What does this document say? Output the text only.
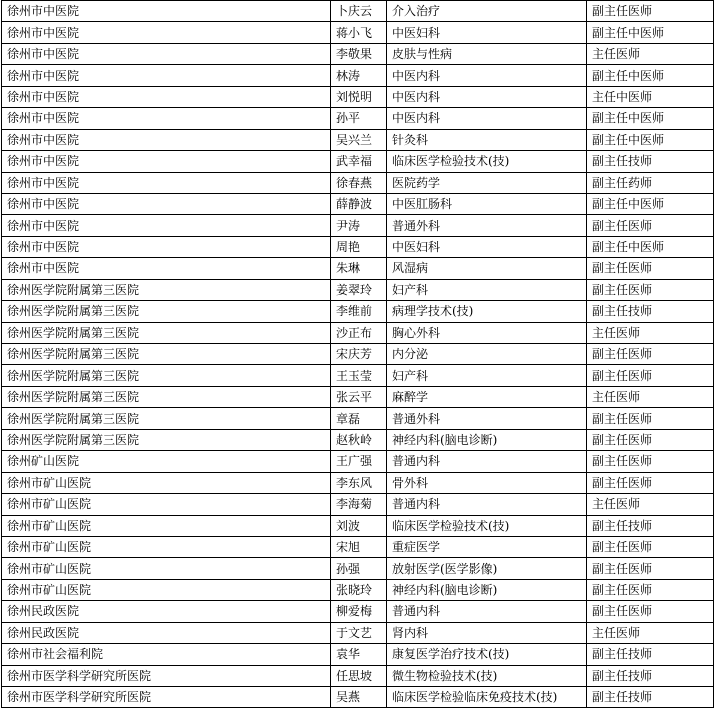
徐州市中医院	卜庆云	介入治疗	副主任医师
徐州市中医院	蒋小飞	中医妇科	副主任中医师
徐州市中医院	李敬果	皮肤与性病	主任医师
徐州市中医院	林涛	中医内科	副主任中医师
徐州市中医院	刘悦明	中医内科	主任中医师
徐州市中医院	孙平	中医内科	副主任中医师
徐州市中医院	吴兴兰	针灸科	副主任中医师
徐州市中医院	武幸福	临床医学检验技术(技)	副主任技师
徐州市中医院	徐春燕	医院药学	副主任药师
徐州市中医院	薛静波	中医肛肠科	副主任中医师
徐州市中医院	尹涛	普通外科	副主任医师
徐州市中医院	周艳	中医妇科	副主任中医师
徐州市中医院	朱琳	风湿病	副主任医师
徐州医学院附属第三医院	姜翠玲	妇产科	副主任医师
徐州医学院附属第三医院	李维前	病理学技术(技)	副主任技师
徐州医学院附属第三医院	沙正布	胸心外科	主任医师
徐州医学院附属第三医院	宋庆芳	内分泌	副主任医师
徐州医学院附属第三医院	王玉莹	妇产科	副主任医师
徐州医学院附属第三医院	张云平	麻醉学	主任医师
徐州医学院附属第三医院	章磊	普通外科	副主任医师
徐州医学院附属第三医院	赵秋岭	神经内科(脑电诊断)	副主任医师
徐州矿山医院	王广强	普通内科	副主任医师
徐州市矿山医院	李东风	骨外科	副主任医师
徐州市矿山医院	李海菊	普通内科	主任医师
徐州市矿山医院	刘波	临床医学检验技术(技)	副主任技师
徐州市矿山医院	宋旭	重症医学	副主任医师
徐州市矿山医院	孙强	放射医学(医学影像)	副主任医师
徐州市矿山医院	张晓玲	神经内科(脑电诊断)	副主任医师
徐州民政医院	柳爱梅	普通内科	副主任医师
徐州民政医院	于文艺	肾内科	主任医师
徐州市社会福利院	袁华	康复医学治疗技术(技)	副主任技师
徐州市医学科学研究所医院	任思坡	微生物检验技术(技)	副主任技师
徐州市医学科学研究所医院	吴燕	临床医学检验临床免疫技术(技)	副主任技师
